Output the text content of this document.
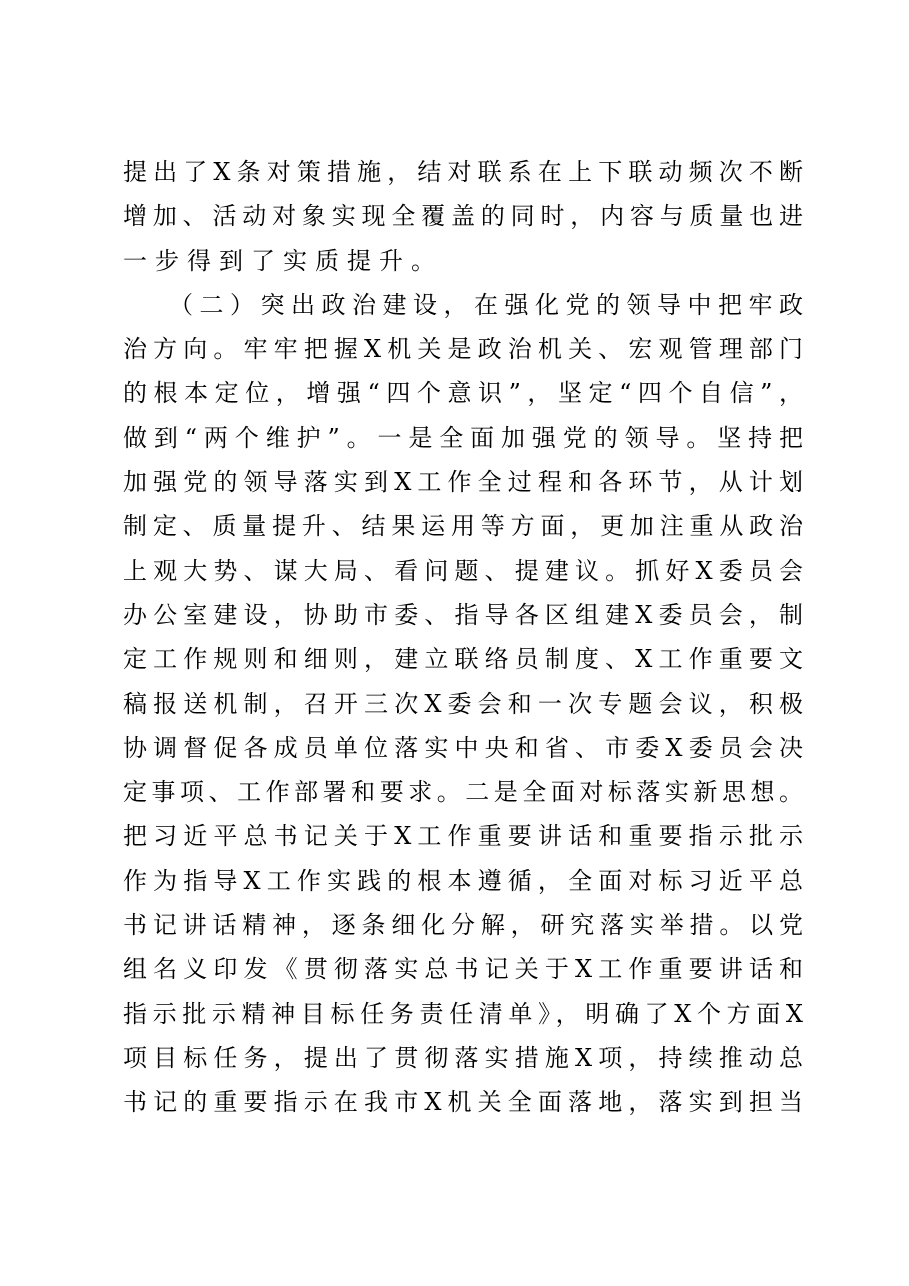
提出了X条对策措施，结对联系在上下联动频次不断
增加、活动对象实现全覆盖的同时，内容与质量也进
一步得到了实质提升。
（二）突出政治建设，在强化党的领导中把牢政
治方向。牢牢把握X机关是政治机关、宏观管理部门
的根本定位，增强“四个意识”，坚定“四个自信”，
做到“两个维护”。一是全面加强党的领导。坚持把
加强党的领导落实到X工作全过程和各环节，从计划
制定、质量提升、结果运用等方面，更加注重从政治
上观大势、谋大局、看问题、提建议。抓好X委员会
办公室建设，协助市委、指导各区组建X委员会，制
定工作规则和细则，建立联络员制度、X工作重要文
稿报送机制，召开三次X委会和一次专题会议，积极
协调督促各成员单位落实中央和省、市委X委员会决
定事项、工作部署和要求。二是全面对标落实新思想。
把习近平总书记关于X工作重要讲话和重要指示批示
作为指导X工作实践的根本遵循，全面对标习近平总
书记讲话精神，逐条细化分解，研究落实举措。以党
组名义印发《贯彻落实总书记关于X工作重要讲话和
指示批示精神目标任务责任清单》，明确了X个方面X
项目标任务，提出了贯彻落实措施X项，持续推动总
书记的重要指示在我市X机关全面落地，落实到担当
